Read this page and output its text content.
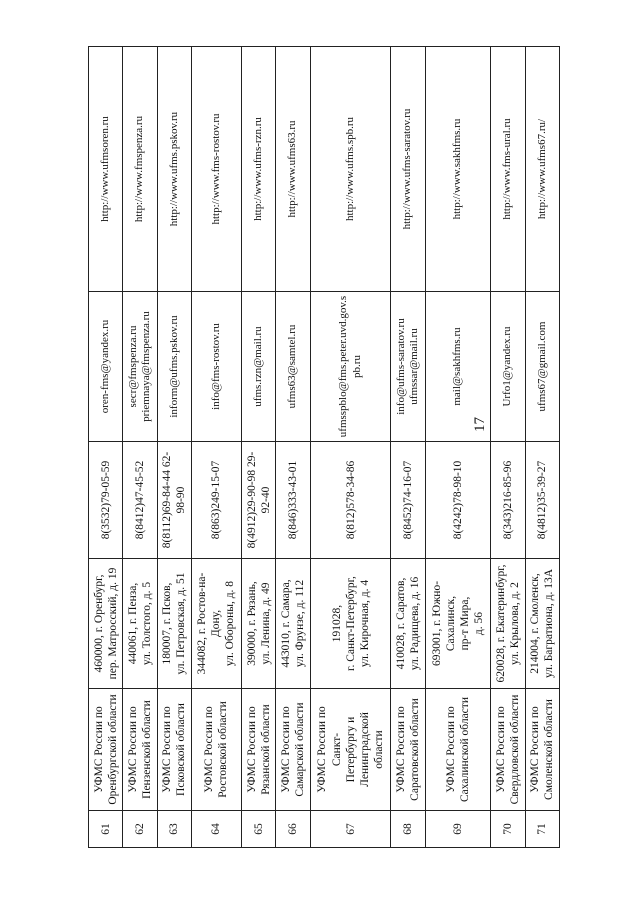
17
61	УФМС России по Оренбургской области	460000, г. Оренбург, пер. Матросский, д. 19	8(3532)79-05-59	oren-fms@yandex.ru	http://www.ufmsoren.ru
62	УФМС России по Пензенской области	440061, г. Пенза, ул. Толстого, д. 5	8(8412)47-45-52	secr@fmspenza.ru priemnaya@fmspenza.ru	http://www.fmspenza.ru
63	УФМС России по Псковской области	180007, г. Псков, ул. Петровская, д. 51	8(8112)69-84-44 62-98-90	inform@ufms.pskov.ru	http://www.ufms.pskov.ru
64	УФМС России по Ростовской области	344082, г. Ростов-на-Дону, ул. Обороны, д. 8	8(863)249-15-07	info@fms-rostov.ru	http://www.fms-rostov.ru
65	УФМС России по Рязанской области	390000, г. Рязань, ул. Ленина, д. 49	8(4912)29-90-98 29-92-40	ufms.rzn@mail.ru	http://www.ufms-rzn.ru
66	УФМС России по Самарской области	443010, г. Самара, ул. Фрунзе, д. 112	8(846)333-43-01	ufms63@samtel.ru	http://www.ufms63.ru
67	УФМС России по Санкт- Петербургу и Ленинградской области	191028, г. Санкт-Петербург, ул. Кирочная, д. 4	8(812)578-34-86	ufmsspblo@fms.peter.uvd.gov.spb.ru	http://www.ufms.spb.ru
68	УФМС России по Саратовской области	410028, г. Саратов, ул. Радищева, д. 16	8(8452)74-16-07	info@ufms-saratov.ru ufmssar@mail.ru	http://www.ufms-saratov.ru
69	УФМС России по Сахалинской области	693001, г. Южно-Сахалинск, пр-т Мира, д. 56	8(4242)78-98-10	mail@sakhfms.ru	http://www.sakhfms.ru
70	УФМС России по Свердловской области	620028, г. Екатеринбург, ул. Крылова, д. 2	8(343)216-85-96	Urfo1@yandex.ru	http://www.fms-ural.ru
71	УФМС России по Смоленской области	214004, г. Смоленск, ул. Багратиона, д. 13А	8(4812)35-39-27	ufms67@gmail.com	http://www.ufms67.ru/
